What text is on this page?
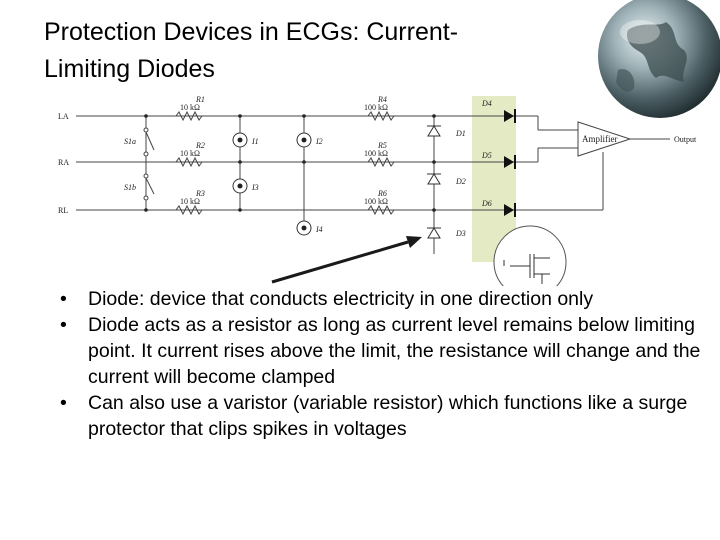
Protection Devices in ECGs: Current-
Limiting Diodes
LA
RA
RL
R1
R2
R3
R4
R5
R6
S1a
S1b
I1
I3
I2
I4
D1
D2
D3
D4
D5
D6
10 kΩ
10 kΩ
10 kΩ
100 kΩ
100 kΩ
100 kΩ
Amplifier	Output
• Diode: device that conducts electricity in one direction only
• Diode acts as a resistor as long as current level remains below limiting point. It current rises above the limit, the resistance will change and the current will become clamped
• Can also use a varistor (variable resistor) which functions like a surge protector that clips spikes in voltages
